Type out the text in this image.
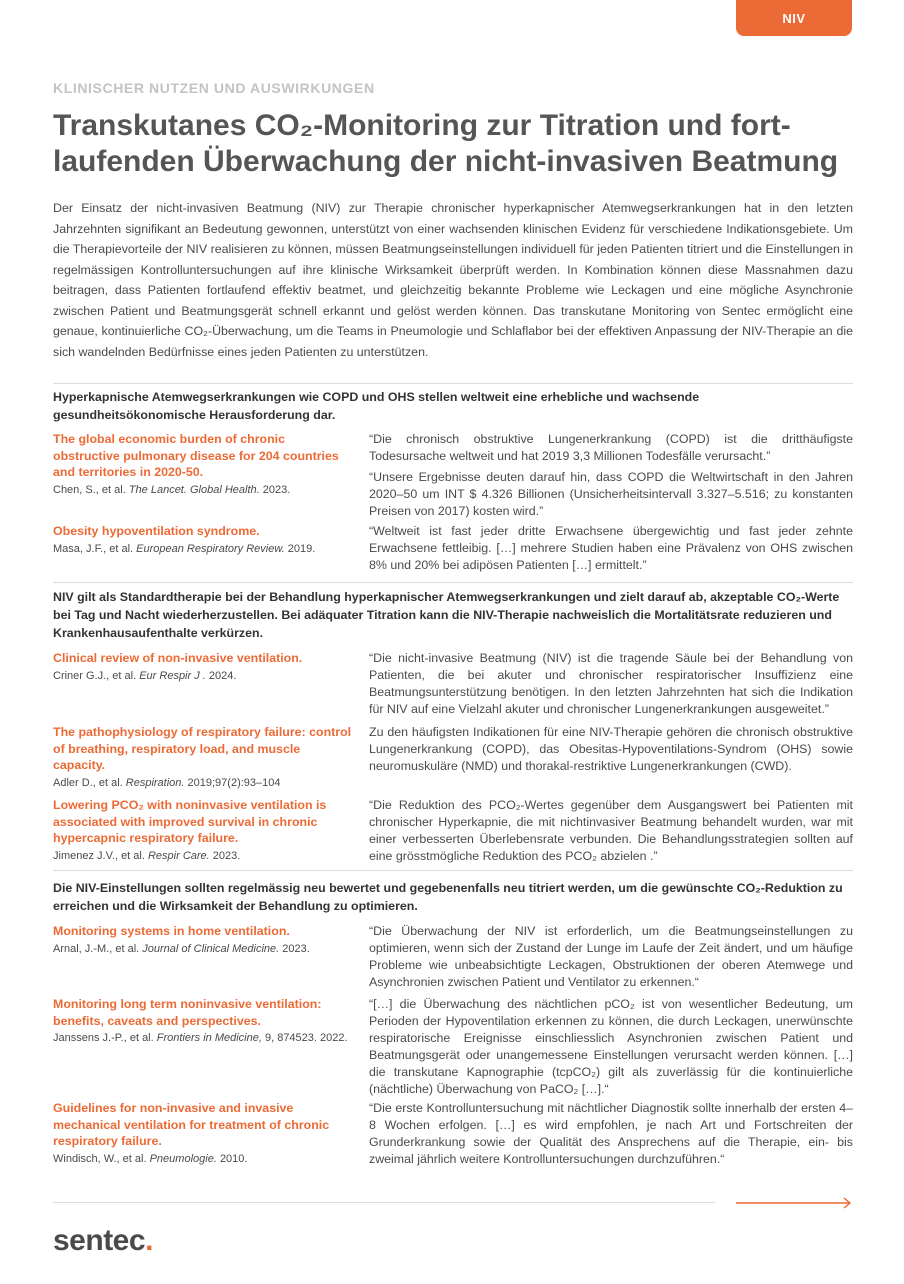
NIV
KLINISCHER NUTZEN UND AUSWIRKUNGEN
Transkutanes CO₂-Monitoring zur Titration und fort-laufenden Überwachung der nicht-invasiven Beatmung
Der Einsatz der nicht-invasiven Beatmung (NIV) zur Therapie chronischer hyperkapnischer Atemwegserkrankungen hat in den letzten Jahrzehnten signifikant an Bedeutung gewonnen, unterstützt von einer wachsenden klinischen Evidenz für verschiedene Indikationsgebiete. Um die Therapievorteile der NIV realisieren zu können, müssen Beatmungseinstellungen individuell für jeden Patienten titriert und die Einstellungen in regelmässigen Kontrolluntersuchungen auf ihre klinische Wirksamkeit überprüft werden. In Kombination können diese Massnahmen dazu beitragen, dass Patienten fortlaufend effektiv beatmet, und gleichzeitig bekannte Probleme wie Leckagen und eine mögliche Asynchronie zwischen Patient und Beatmungsgerät schnell erkannt und gelöst werden können. Das transkutane Monitoring von Sentec ermöglicht eine genaue, kontinuierliche CO₂-Überwachung, um die Teams in Pneumologie und Schlaflabor bei der effektiven Anpassung der NIV-Therapie an die sich wandelnden Bedürfnisse eines jeden Patienten zu unterstützen.

Hyperkapnische Atemwegserkrankungen wie COPD und OHS stellen weltweit eine erhebliche und wachsende gesundheitsökonomische Herausforderung dar.

The global economic burden of chronic obstructive pulmonary disease for 204 countries and territories in 2020-50.
Chen, S., et al. The Lancet. Global Health. 2023.

“Die chronisch obstruktive Lungenerkrankung (COPD) ist die dritthäufigste Todesursache weltweit und hat 2019 3,3 Millionen Todesfälle verursacht.”

“Unsere Ergebnisse deuten darauf hin, dass COPD die Weltwirtschaft in den Jahren 2020–50 um INT $ 4.326 Billionen (Unsicherheitsintervall 3.327–5.516; zu konstanten Preisen von 2017) kosten wird.”

Obesity hypoventilation syndrome.
Masa, J.F., et al. European Respiratory Review. 2019.

“Weltweit ist fast jeder dritte Erwachsene übergewichtig und fast jeder zehnte Erwachsene fettleibig. […] mehrere Studien haben eine Prävalenz von OHS zwischen 8% und 20% bei adipösen Patienten […] ermittelt.”

NIV gilt als Standardtherapie bei der Behandlung hyperkapnischer Atemwegserkrankungen und zielt darauf ab, akzeptable CO₂-Werte bei Tag und Nacht wiederherzustellen. Bei adäquater Titration kann die NIV-Therapie nachweislich die Mortalitätsrate reduzieren und Krankenhausaufenthalte verkürzen.

Clinical review of non-invasive ventilation.
Criner G.J., et al. Eur Respir J . 2024.

“Die nicht-invasive Beatmung (NIV) ist die tragende Säule bei der Behandlung von Patienten, die bei akuter und chronischer respiratorischer Insuffizienz eine Beatmungsunterstützung benötigen. In den letzten Jahrzehnten hat sich die Indikation für NIV auf eine Vielzahl akuter und chronischer Lungenerkrankungen ausgeweitet.”

The pathophysiology of respiratory failure: control of breathing, respiratory load, and muscle capacity.
Adler D., et al. Respiration. 2019;97(2):93–104

Zu den häufigsten Indikationen für eine NIV-Therapie gehören die chronisch obstruktive Lungenerkrankung (COPD), das Obesitas-Hypoventilations-Syndrom (OHS) sowie neuromuskuläre (NMD) und thorakal-restriktive Lungenerkrankungen (CWD).

Lowering PCO₂ with noninvasive ventilation is associated with improved survival in chronic hypercapnic respiratory failure.
Jimenez J.V., et al. Respir Care. 2023.

“Die Reduktion des PCO₂-Wertes gegenüber dem Ausgangswert bei Patienten mit chronischer Hyperkapnie, die mit nichtinvasiver Beatmung behandelt wurden, war mit einer verbesserten Überlebensrate verbunden. Die Behandlungsstrategien sollten auf eine grösstmögliche Reduktion des PCO₂ abzielen .”

Die NIV-Einstellungen sollten regelmässig neu bewertet und gegebenenfalls neu titriert werden, um die gewünschte CO₂-Reduktion zu erreichen und die Wirksamkeit der Behandlung zu optimieren.

Monitoring systems in home ventilation.
Arnal, J.-M., et al. Journal of Clinical Medicine. 2023.

“Die Überwachung der NIV ist erforderlich, um die Beatmungseinstellungen zu optimieren, wenn sich der Zustand der Lunge im Laufe der Zeit ändert, und um häufige Probleme wie unbeabsichtigte Leckagen, Obstruktionen der oberen Atemwege und Asynchronien zwischen Patient und Ventilator zu erkennen.“

Monitoring long term noninvasive ventilation: benefits, caveats and perspectives.
Janssens J.-P., et al. Frontiers in Medicine, 9, 874523. 2022.

“[…] die Überwachung des nächtlichen pCO₂ ist von wesentlicher Bedeutung, um Perioden der Hypoventilation erkennen zu können, die durch Leckagen, unerwünschte respiratorische Ereignisse einschliesslich Asynchronien zwischen Patient und Beatmungsgerät oder unangemessene Einstellungen verursacht werden können. […] die transkutane Kapnographie (tcpCO₂) gilt als zuverlässig für die kontinuierliche (nächtliche) Überwachung von PaCO₂ […].“

Guidelines for non-invasive and invasive mechanical ventilation for treatment of chronic respiratory failure.
Windisch, W., et al. Pneumologie. 2010.

“Die erste Kontrolluntersuchung mit nächtlicher Diagnostik sollte innerhalb der ersten 4–8 Wochen erfolgen. […] es wird empfohlen, je nach Art und Fortschreiten der Grunderkrankung sowie der Qualität des Ansprechens auf die Therapie, ein- bis zweimal jährlich weitere Kontrolluntersuchungen durchzuführen.“

sentec.
